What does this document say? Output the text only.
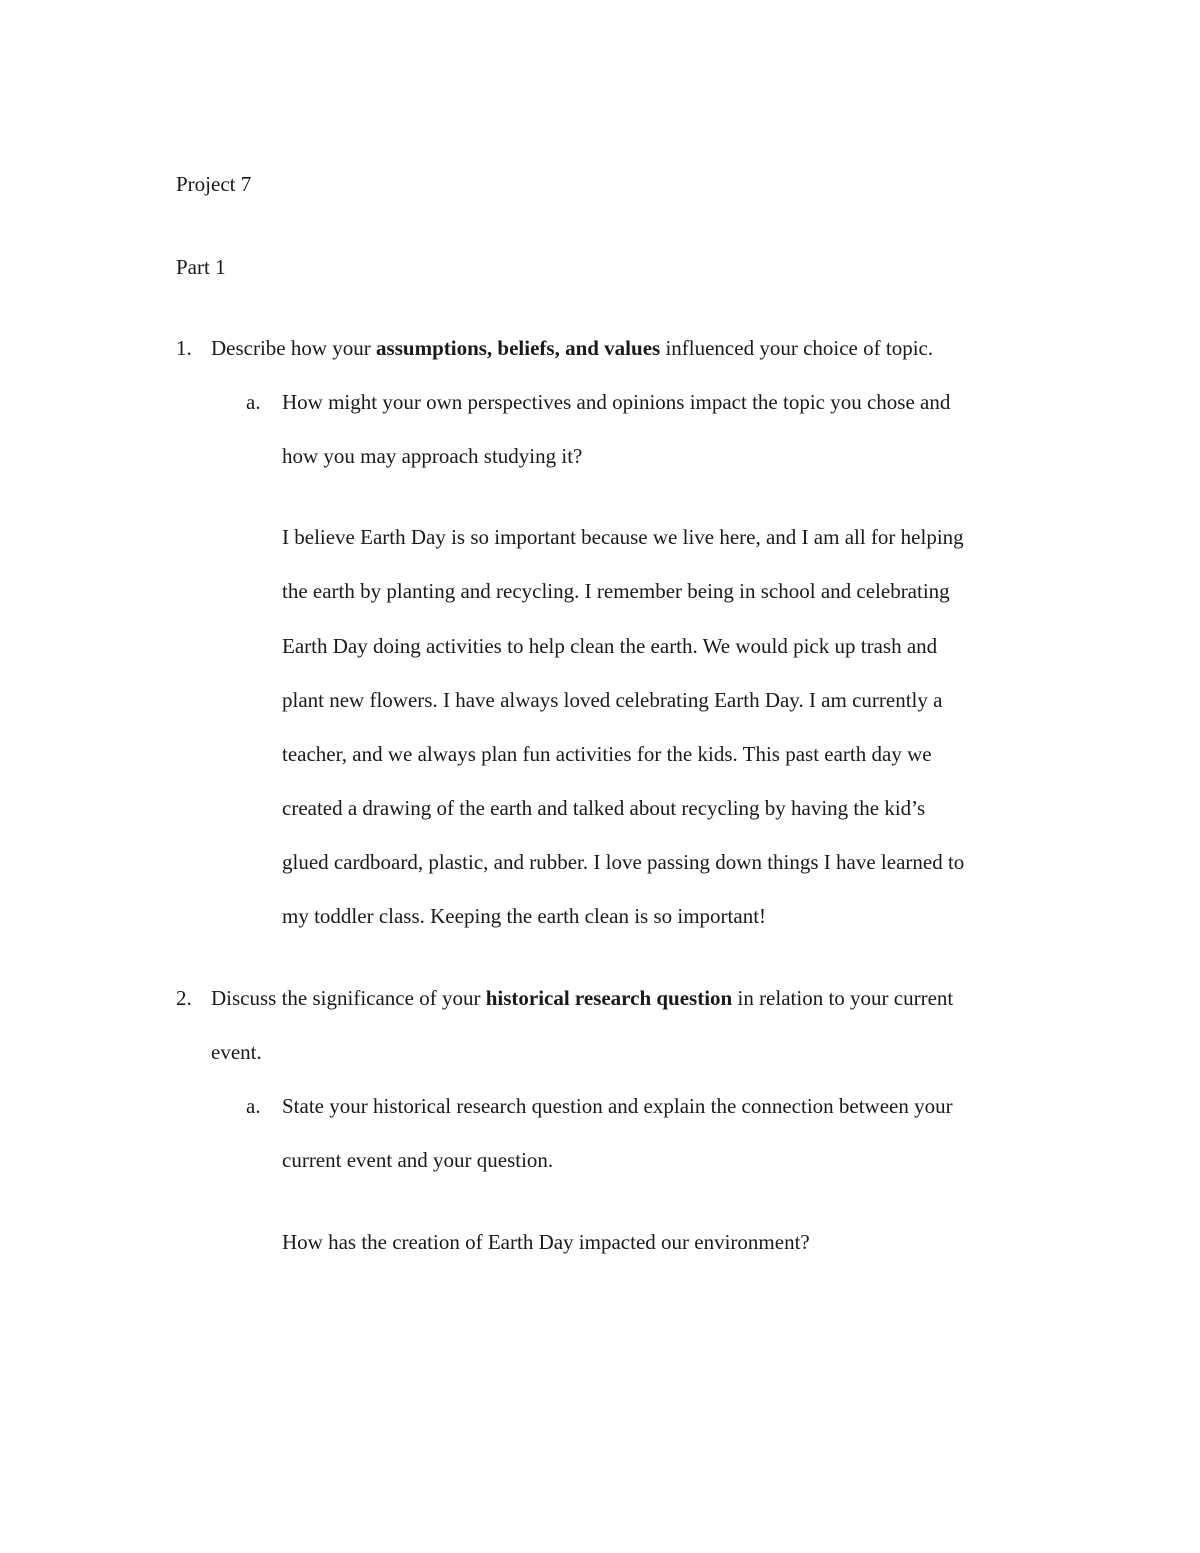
Project 7
Part 1
1. Describe how your assumptions, beliefs, and values influenced your choice of topic.
a. How might your own perspectives and opinions impact the topic you chose and
how you may approach studying it?
I believe Earth Day is so important because we live here, and I am all for helping
the earth by planting and recycling. I remember being in school and celebrating
Earth Day doing activities to help clean the earth. We would pick up trash and
plant new flowers. I have always loved celebrating Earth Day. I am currently a
teacher, and we always plan fun activities for the kids. This past earth day we
created a drawing of the earth and talked about recycling by having the kid’s
glued cardboard, plastic, and rubber. I love passing down things I have learned to
my toddler class. Keeping the earth clean is so important!
2. Discuss the significance of your historical research question in relation to your current
event.
a. State your historical research question and explain the connection between your
current event and your question.
How has the creation of Earth Day impacted our environment?
